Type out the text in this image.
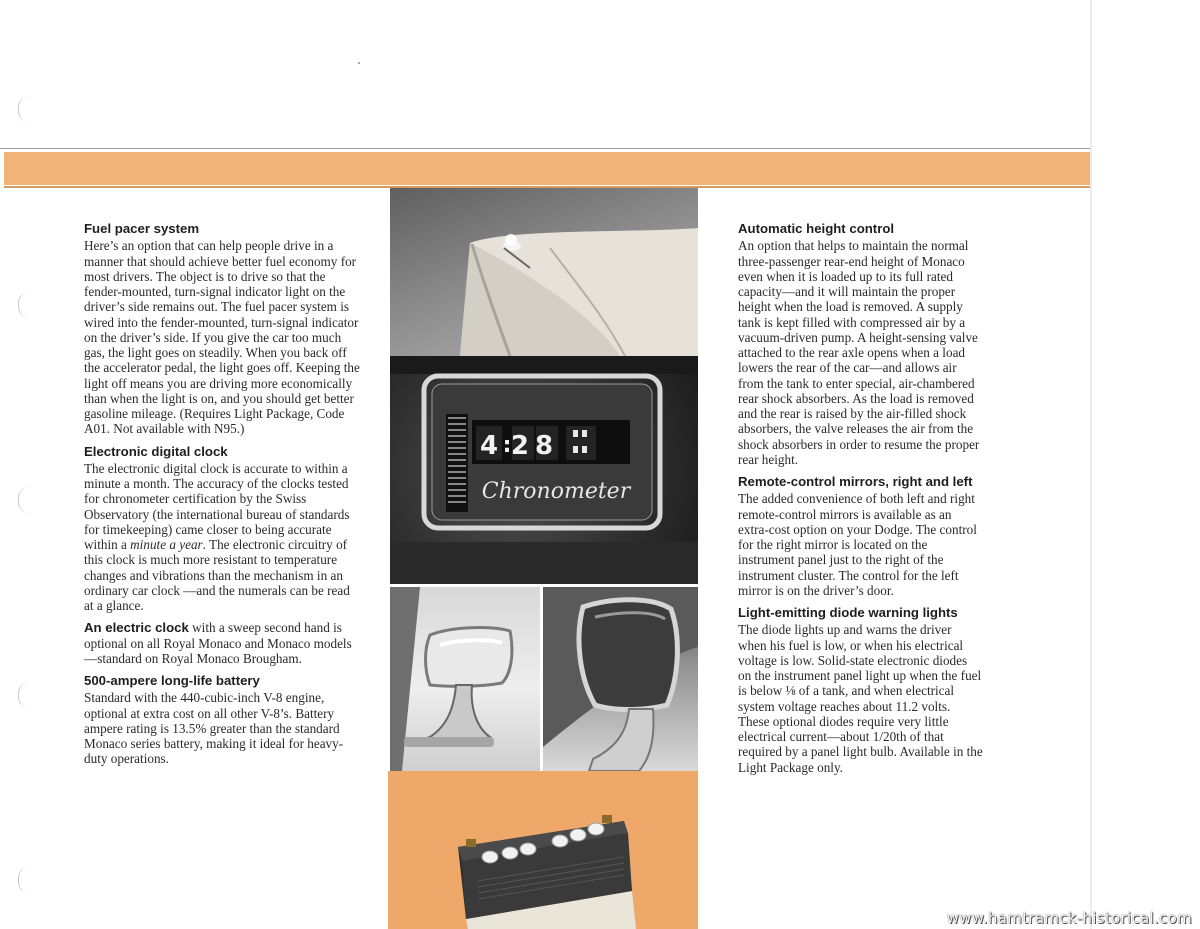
Fuel pacer system

Here’s an option that can help people drive in a manner that should achieve better fuel economy for most drivers. The object is to drive so that the fender-mounted, turn-signal indicator light on the driver’s side remains out. The fuel pacer system is wired into the fender-mounted, turn-signal indicator on the driver’s side. If you give the car too much gas, the light goes on steadily. When you back off the accelerator pedal, the light goes off. Keeping the light off means you are driving more economically than when the light is on, and you should get better gasoline mileage. (Requires Light Package, Code A01. Not available with N95.)

Electronic digital clock

The electronic digital clock is accurate to within a minute a month. The accuracy of the clocks tested for chronometer certification by the Swiss Observatory (the international bureau of standards for timekeeping) came closer to being accurate within a minute a year. The electronic circuitry of this clock is much more resistant to temperature changes and vibrations than the mechanism in an ordinary car clock —and the numerals can be read at a glance.

An electric clock with a sweep second hand is optional on all Royal Monaco and Monaco models—standard on Royal Monaco Brougham.

500-ampere long-life battery

Standard with the 440-cubic-inch V-8 engine, optional at extra cost on all other V-8’s. Battery ampere rating is 13.5% greater than the standard Monaco series battery, making it ideal for heavy-duty operations.

4 : 28
Chronometer
Automatic height control

An option that helps to maintain the normal three-passenger rear-end height of Monaco even when it is loaded up to its full rated capacity—and it will maintain the proper height when the load is removed. A supply tank is kept filled with compressed air by a vacuum-driven pump. A height-sensing valve attached to the rear axle opens when a load lowers the rear of the car—and allows air from the tank to enter special, air-chambered rear shock absorbers. As the load is removed and the rear is raised by the air-filled shock absorbers, the valve releases the air from the shock absorbers in order to resume the proper rear height.

Remote-control mirrors, right and left

The added convenience of both left and right remote-control mirrors is available as an extra-cost option on your Dodge. The control for the right mirror is located on the instrument panel just to the right of the instrument cluster. The control for the left mirror is on the driver’s door.

Light-emitting diode warning lights

The diode lights up and warns the driver when his fuel is low, or when his electrical voltage is low. Solid-state electronic diodes on the instrument panel light up when the fuel is below ⅛ of a tank, and when electrical system voltage reaches about 11.2 volts. These optional diodes require very little electrical current—about 1/20th of that required by a panel light bulb. Available in the Light Package only.

www.hamtramck-historical.com
